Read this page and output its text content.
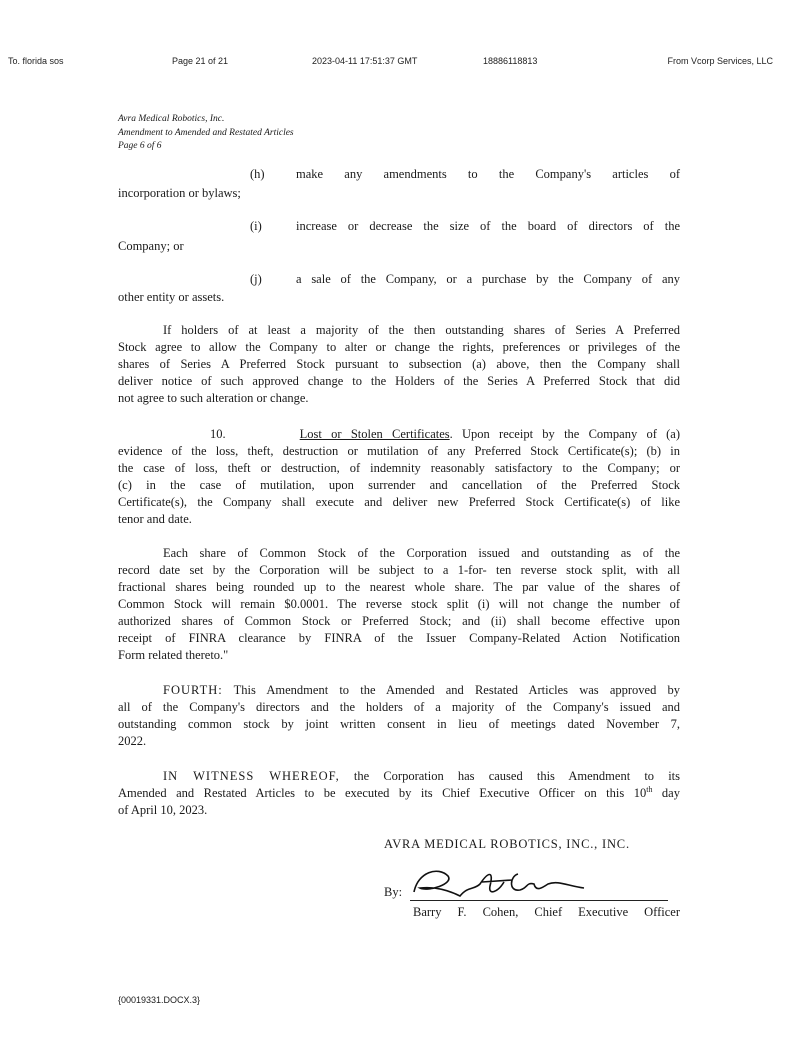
To. florida sos	Page 21 of 21	2023-04-11 17:51:37 GMT	18886118813	From Vcorp Services, LLC
Avra Medical Robotics, Inc.
Amendment to Amended and Restated Articles
Page 6 of 6
(h)	make any amendments to the Company's articles of
incorporation or bylaws;
(i)	increase or decrease the size of the board of directors of the
Company; or
(j)	a sale of the Company, or a purchase by the Company of any
other entity or assets.
If holders of at least a majority of the then outstanding shares of Series A Preferred
Stock agree to allow the Company to alter or change the rights, preferences or privileges of the
shares of Series A Preferred Stock pursuant to subsection (a) above, then the Company shall
deliver notice of such approved change to the Holders of the Series A Preferred Stock that did
not agree to such alteration or change.
10.	Lost or Stolen Certificates. Upon receipt by the Company of (a)
evidence of the loss, theft, destruction or mutilation of any Preferred Stock Certificate(s); (b) in
the case of loss, theft or destruction, of indemnity reasonably satisfactory to the Company; or
(c) in the case of mutilation, upon surrender and cancellation of the Preferred Stock
Certificate(s), the Company shall execute and deliver new Preferred Stock Certificate(s) of like
tenor and date.
Each share of Common Stock of the Corporation issued and outstanding as of the
record date set by the Corporation will be subject to a 1-for- ten reverse stock split, with all
fractional shares being rounded up to the nearest whole share. The par value of the shares of
Common Stock will remain $0.0001. The reverse stock split (i) will not change the number of
authorized shares of Common Stock or Preferred Stock; and (ii) shall become effective upon
receipt of FINRA clearance by FINRA of the Issuer Company-Related Action Notification
Form related thereto."
FOURTH: This Amendment to the Amended and Restated Articles was approved by
all of the Company's directors and the holders of a majority of the Company's issued and
outstanding common stock by joint written consent in lieu of meetings dated November 7,
2022.
IN WITNESS WHEREOF, the Corporation has caused this Amendment to its
Amended and Restated Articles to be executed by its Chief Executive Officer on this 10th day
of April 10, 2023.
AVRA MEDICAL ROBOTICS, INC., INC.
By:
Barry F. Cohen, Chief Executive Officer
{00019331.DOCX.3}
